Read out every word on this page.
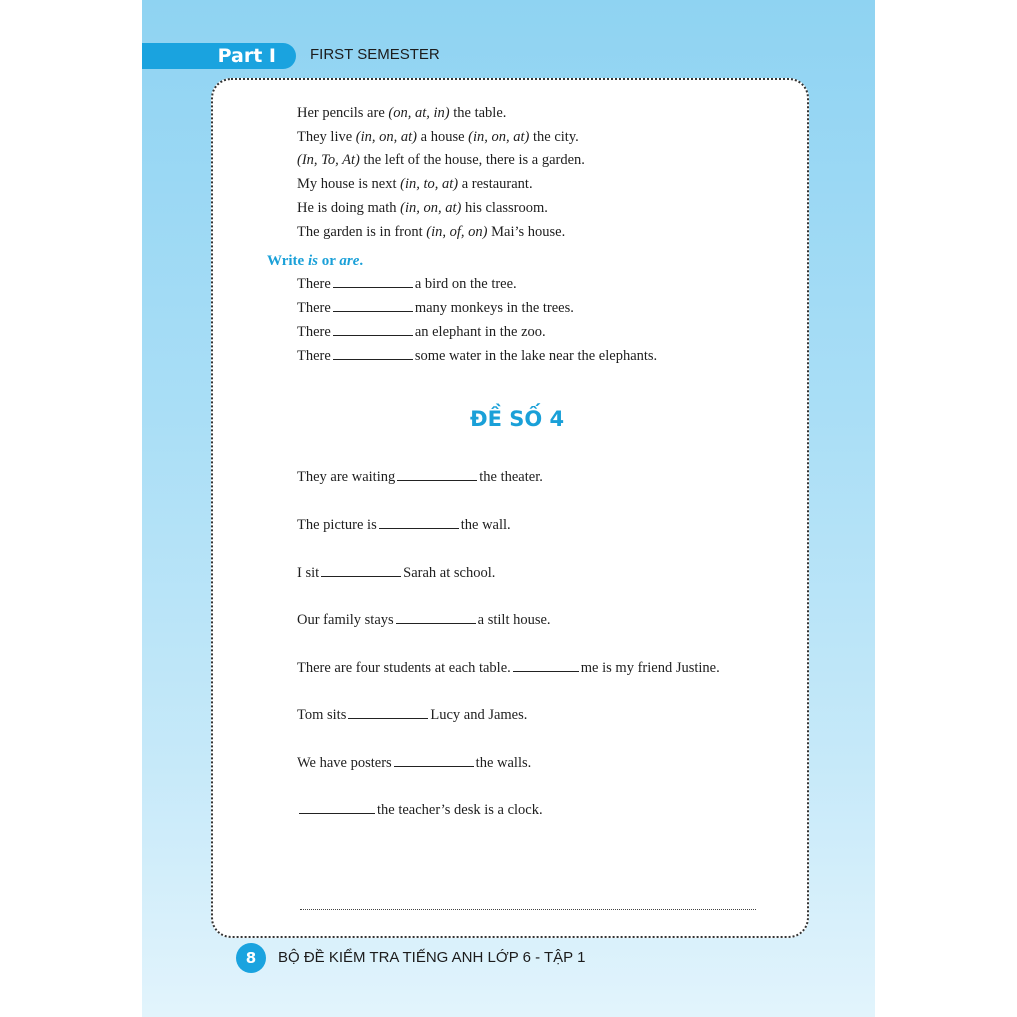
Part I FIRST SEMESTER
Her pencils are (on, at, in) the table.
They live (in, on, at) a house (in, on, at) the city.
(In, To, At) the left of the house, there is a garden.
My house is next (in, to, at) a restaurant.
He is doing math (in, on, at) his classroom.
The garden is in front (in, of, on) Mai’s house.
Write is or are.
There	a bird on the tree.
There	many monkeys in the trees.
There	an elephant in the zoo.
There	some water in the lake near the elephants.
They are waiting	the theater.
The picture is	the wall.
I sit	Sarah at school.
Our family stays	a stilt house.
There are four students at each table.	me is my friend Justine.
Tom sits	Lucy and James.
We have posters	the walls.
the teacher’s desk is a clock.
ĐỀ SỐ 4
8	BỘ ĐỀ KIỂM TRA TIẾNG ANH LỚP 6 - TẬP 1
